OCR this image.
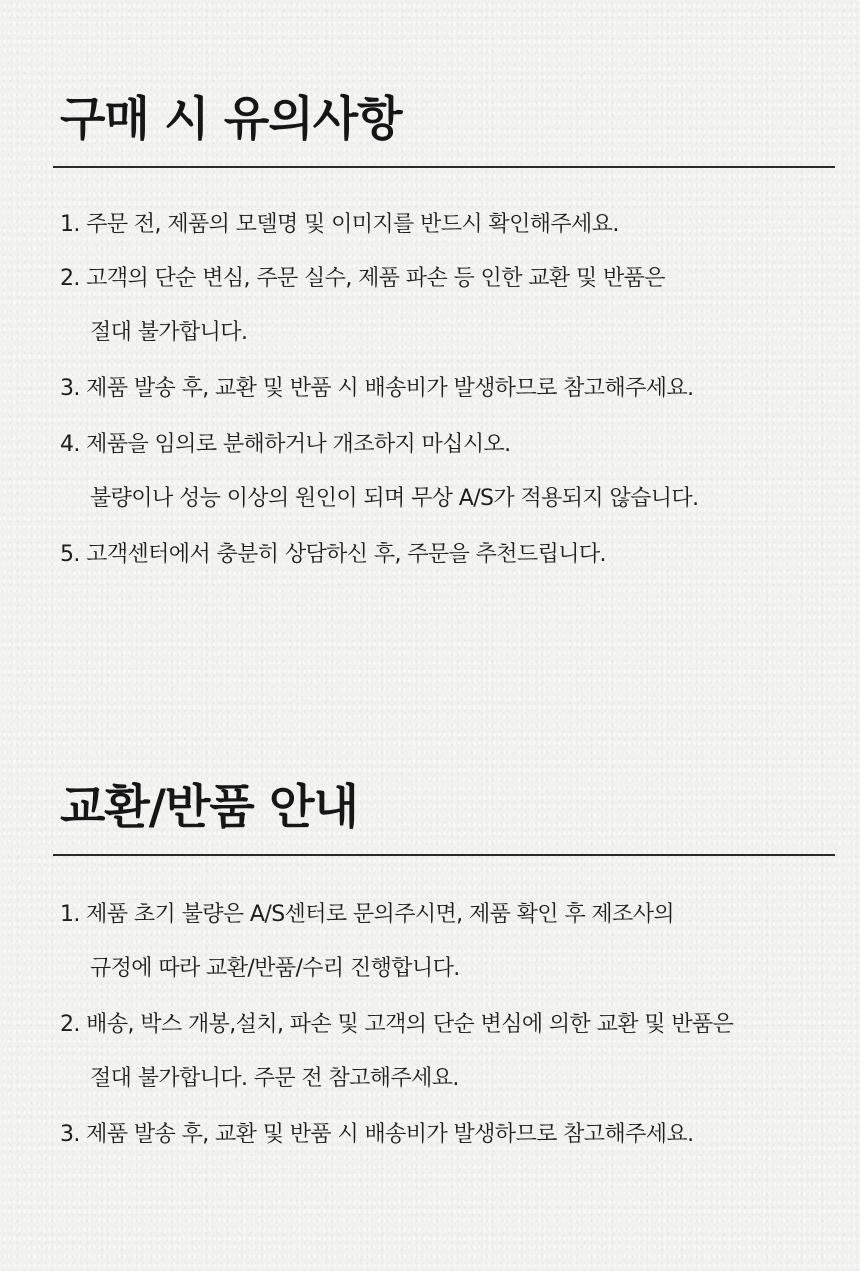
구매 시 유의사항

1. 주문 전, 제품의 모델명 및 이미지를 반드시 확인해주세요.

2. 고객의 단순 변심, 주문 실수, 제품 파손 등 인한 교환 및 반품은

절대 불가합니다.

3. 제품 발송 후, 교환 및 반품 시 배송비가 발생하므로 참고해주세요.

4. 제품을 임의로 분해하거나 개조하지 마십시오.

불량이나 성능 이상의 원인이 되며 무상 A/S가 적용되지 않습니다.

5. 고객센터에서 충분히 상담하신 후, 주문을 추천드립니다.

교환/반품 안내

1. 제품 초기 불량은 A/S센터로 문의주시면, 제품 확인 후 제조사의

규정에 따라 교환/반품/수리 진행합니다.

2. 배송, 박스 개봉,설치, 파손 및 고객의 단순 변심에 의한 교환 및 반품은

절대 불가합니다. 주문 전 참고해주세요.

3. 제품 발송 후, 교환 및 반품 시 배송비가 발생하므로 참고해주세요.
